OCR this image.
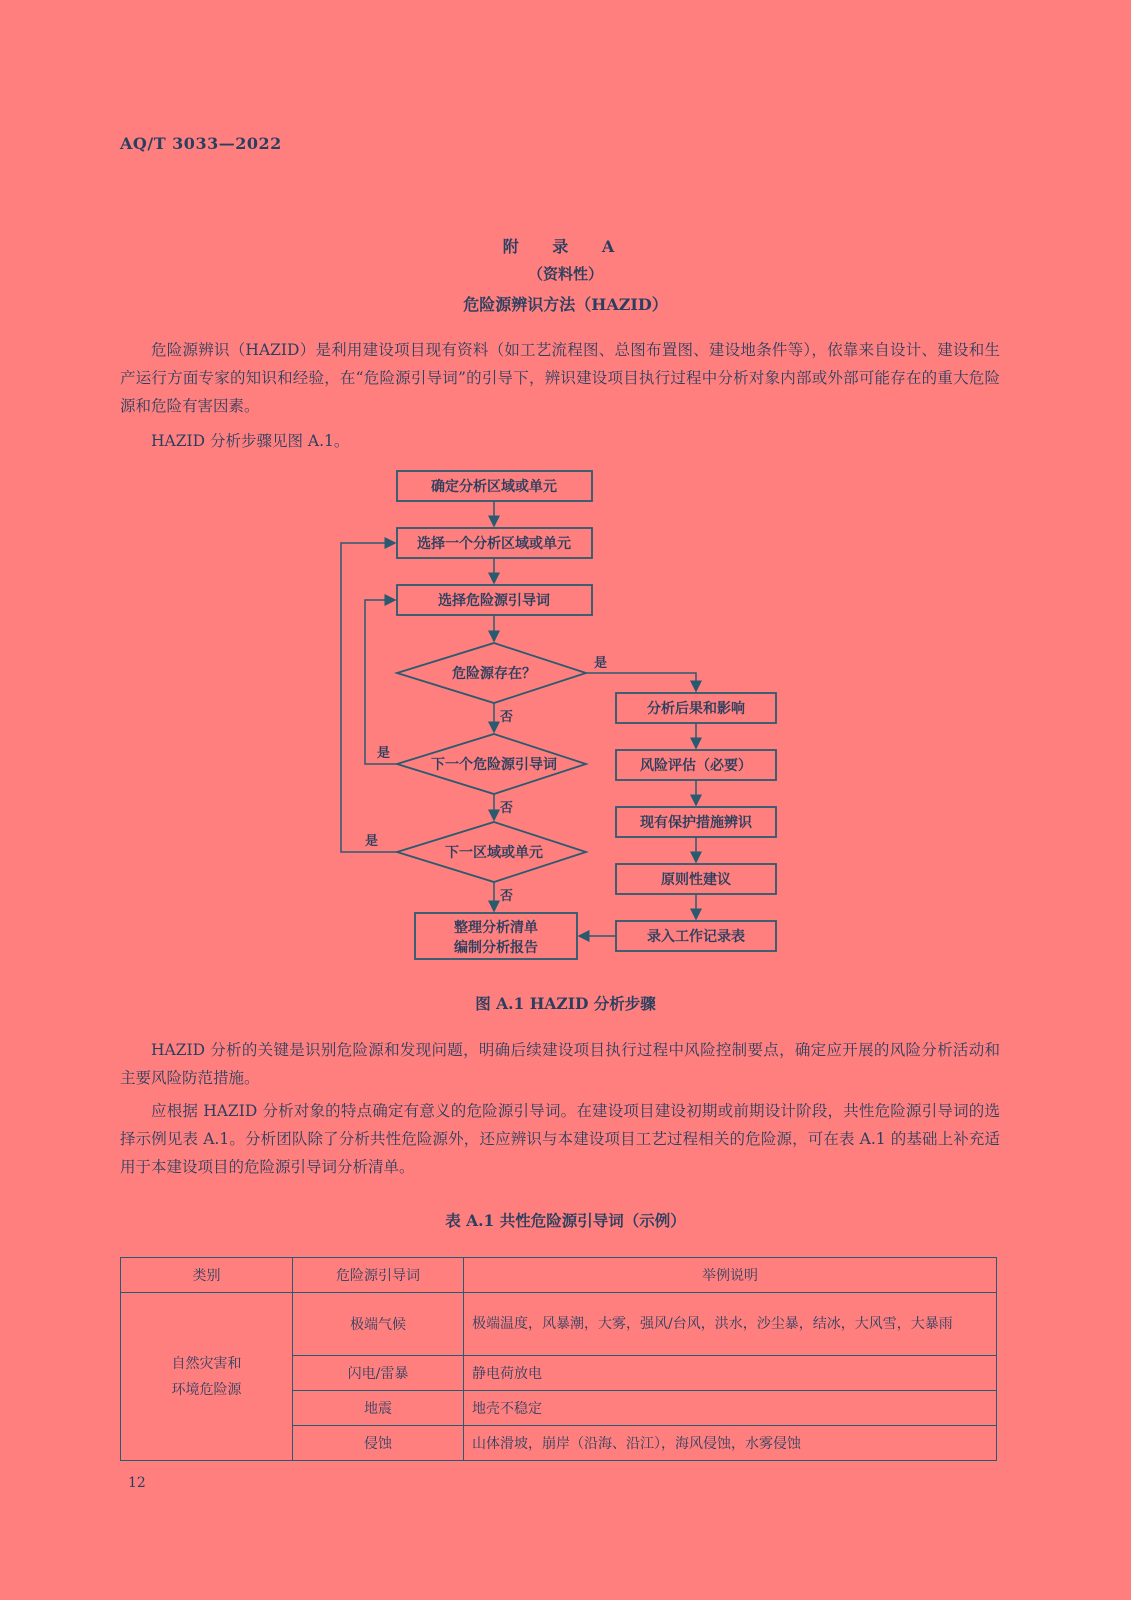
AQ/T 3033—2022
附 录 A
（资料性）
危险源辨识方法（HAZID）
危险源辨识（HAZID）是利用建设项目现有资料（如工艺流程图、总图布置图、建设地条件等），依靠来自设计、建设和生产运行方面专家的知识和经验，在“危险源引导词”的引导下，辨识建设项目执行过程中分析对象内部或外部可能存在的重大危险源和危险有害因素。
HAZID 分析步骤见图 A.1。
确定分析区域或单元
选择一个分析区域或单元
选择危险源引导词
危险源存在？
下一个危险源引导词
下一区域或单元
整理分析清单
编制分析报告
分析后果和影响
风险评估（必要）
现有保护措施辨识
原则性建议
录入工作记录表
是
否
是
否
是
否
图 A.1 HAZID 分析步骤
HAZID 分析的关键是识别危险源和发现问题，明确后续建设项目执行过程中风险控制要点，确定应开展的风险分析活动和主要风险防范措施。
应根据 HAZID 分析对象的特点确定有意义的危险源引导词。在建设项目建设初期或前期设计阶段，共性危险源引导词的选择示例见表 A.1。分析团队除了分析共性危险源外，还应辨识与本建设项目工艺过程相关的危险源，可在表 A.1 的基础上补充适用于本建设项目的危险源引导词分析清单。
表 A.1 共性危险源引导词（示例）
类别	危险源引导词	举例说明
自然灾害和
环境危险源	极端气候	极端温度，风暴潮，大雾，强风/台风，洪水，沙尘暴，结冰，大风雪，大暴雨
	闪电/雷暴	静电荷放电
	地震	地壳不稳定
	侵蚀	山体滑坡，崩岸（沿海、沿江），海风侵蚀，水雾侵蚀
12
